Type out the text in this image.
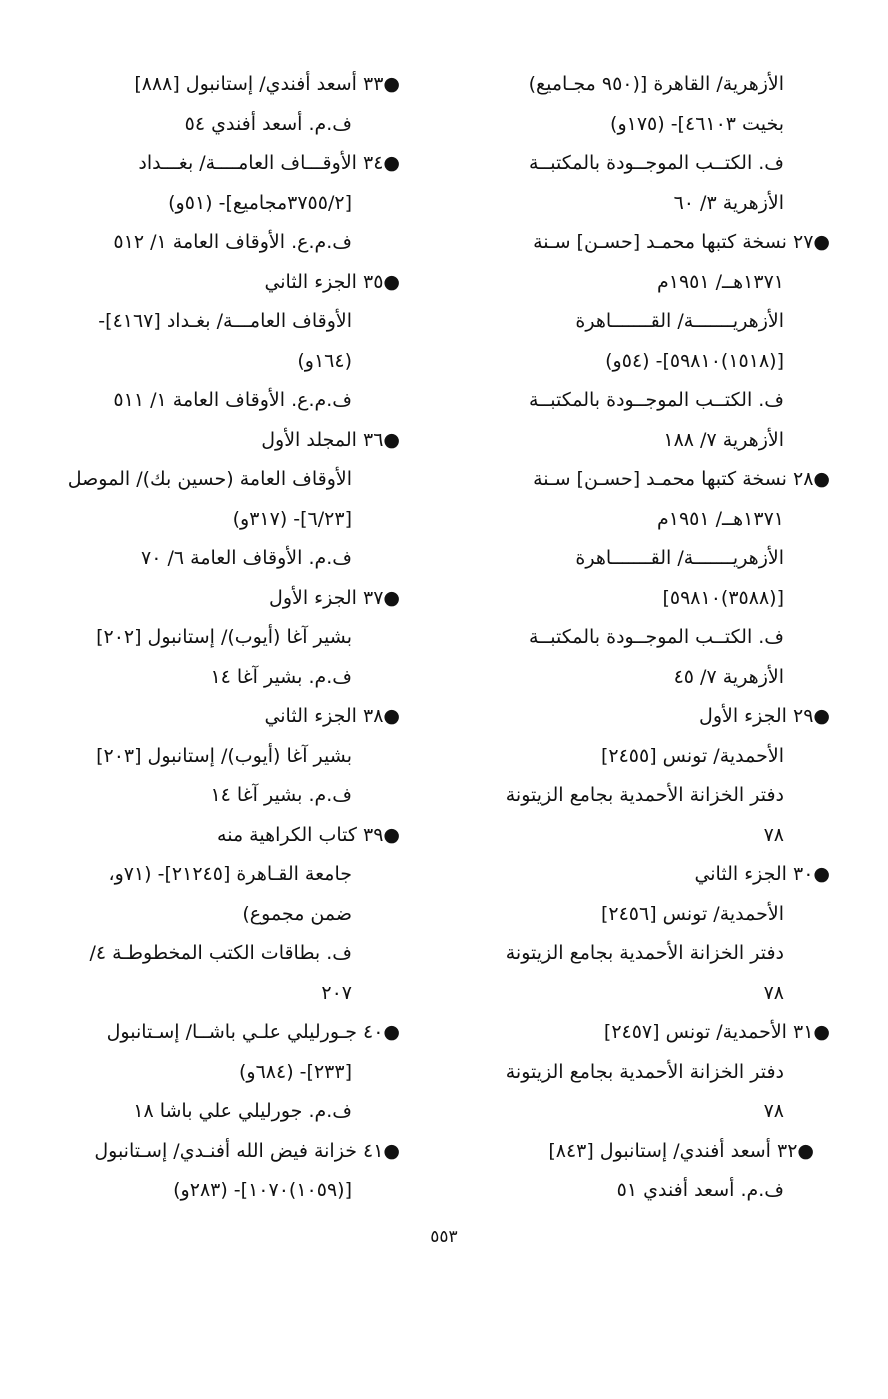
الأزهرية/ القاهرة [(٩٥٠ مجـاميع)
بخيت ٤٦١٠٣]- (١٧٥و)
ف. الكتــب الموجــودة بالمكتبــة
الأزهرية ٣/ ٦٠
●٢٧ نسخة كتبها محمـد [حسـن] سـنة
١٣٧١هــ/ ١٩٥١م
الأزهريـــــــة/ القـــــــاهرة
[(١٥١٨)٥٩٨١٠]- (٥٤و)
ف. الكتــب الموجــودة بالمكتبــة
الأزهرية ٧/ ١٨٨
●٢٨ نسخة كتبها محمـد [حسـن] سـنة
١٣٧١هــ/ ١٩٥١م
الأزهريـــــــة/ القـــــــاهرة
[(٣٥٨٨)٥٩٨١٠]
ف. الكتــب الموجــودة بالمكتبــة
الأزهرية ٧/ ٤٥
●٢٩ الجزء الأول
الأحمدية/ تونس [٢٤٥٥]
دفتر الخزانة الأحمدية بجامع الزيتونة
٧٨
●٣٠ الجزء الثاني
الأحمدية/ تونس [٢٤٥٦]
دفتر الخزانة الأحمدية بجامع الزيتونة
٧٨
●٣١ الأحمدية/ تونس [٢٤٥٧]
دفتر الخزانة الأحمدية بجامع الزيتونة
٧٨
●٣٢ أسعد أفندي/ إستانبول [٨٤٣]
ف.م. أسعد أفندي ٥١
●٣٣ أسعد أفندي/ إستانبول [٨٨٨]
ف.م. أسعد أفندي ٥٤
●٣٤ الأوقـــاف العامــــة/ بغـــداد
[٣٧٥٥/٢مجاميع]- (٥١و)
ف.م.ع. الأوقاف العامة ١/ ٥١٢
●٣٥ الجزء الثاني
الأوقاف العامـــة/ بغـداد [٤١٦٧]-
(١٦٤و)
ف.م.ع. الأوقاف العامة ١/ ٥١١
●٣٦ المجلد الأول
الأوقاف العامة (حسين بك)/ الموصل
[٦/٢٣]- (٣١٧و)
ف.م. الأوقاف العامة ٦/ ٧٠
●٣٧ الجزء الأول
بشير آغا (أيوب)/ إستانبول [٢٠٢]
ف.م. بشير آغا ١٤
●٣٨ الجزء الثاني
بشير آغا (أيوب)/ إستانبول [٢٠٣]
ف.م. بشير آغا ١٤
●٣٩ كتاب الكراهية منه
جامعة القـاهرة [٢١٢٤٥]- (٧١و،
ضمن مجموع)
ف. بطاقات الكتب المخطوطـة ٤/
٢٠٧
●٤٠ جـورليلي علـي باشــا/ إسـتانبول
[٢٣٣]- (٦٨٤و)
ف.م. جورليلي علي باشا ١٨
●٤١ خزانة فيض الله أفنـدي/ إسـتانبول
[(١٠٥٩)١٠٧٠]- (٢٨٣و)
٥٥٣
